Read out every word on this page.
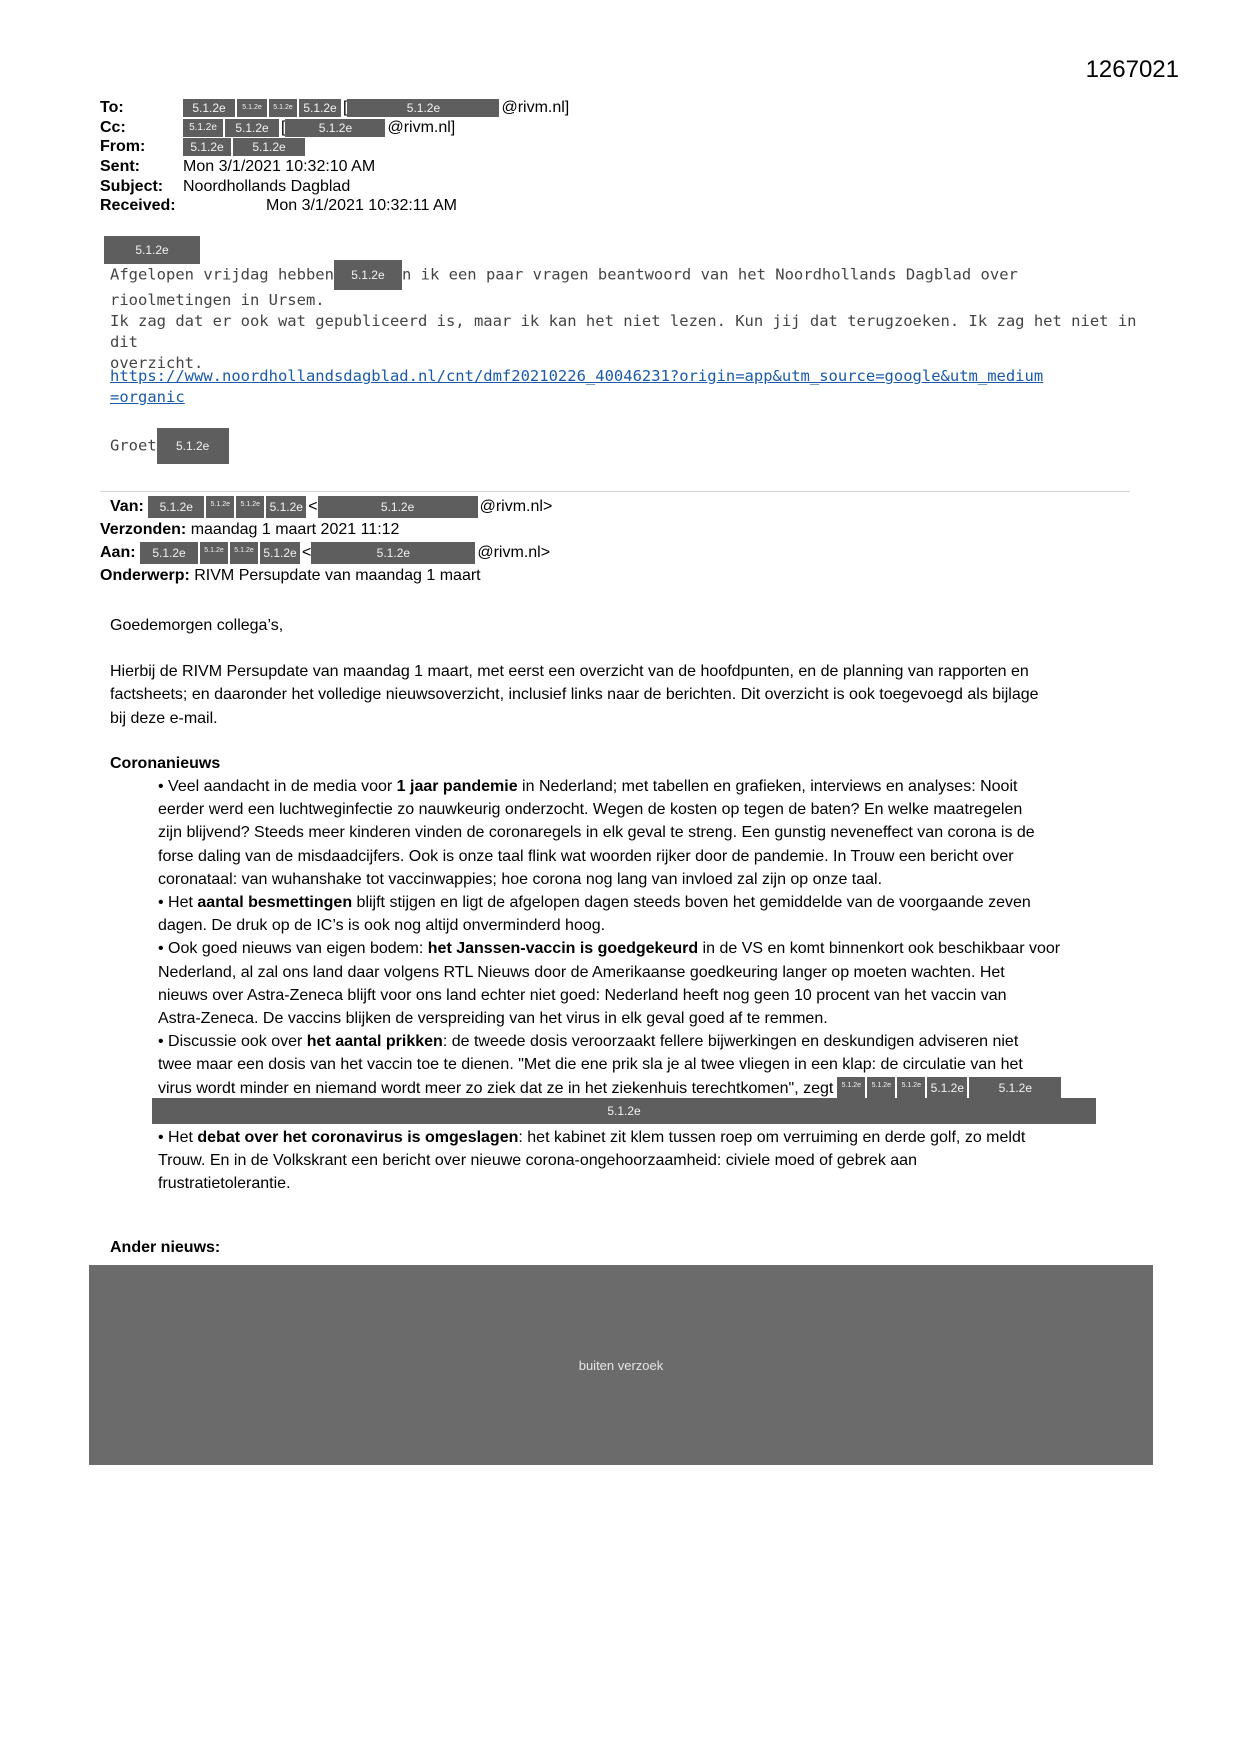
1267021
To:	5.1.2e 5.1.2e 5.1.2e 5.1.2e [	5.1.2e	@rivm.nl]
Cc:	5.1.2e 5.1.2e [	5.1.2e @rivm.nl]
From:	5.1.2e 5.1.2e
Sent:	Mon 3/1/2021 10:32:10 AM
Subject: Noordhollands Dagblad
Received:	Mon 3/1/2021 10:32:11 AM
5.1.2e
Afgelopen vrijdag hebben 5.1.2e n ik een paar vragen beantwoord van het Noordhollands Dagblad over
rioolmetingen in Ursem.
Ik zag dat er ook wat gepubliceerd is, maar ik kan het niet lezen. Kun jij dat terugzoeken. Ik zag het niet in dit
overzicht.
https://www.noordhollandsdagblad.nl/cnt/dmf20210226_40046231?origin=app&utm_source=google&utm_medium
=organic
Groet 5.1.2e
Van: 5.1.2e	5.1.2e 5.1.2e 5.1.2e <	5.1.2e	@rivm.nl>
Verzonden: maandag 1 maart 2021 11:12
Aan: 5.1.2e	5.1.2e 5.1.2e 5.1.2e <	5.1.2e	@rivm.nl>
Onderwerp: RIVM Persupdate van maandag 1 maart
Goedemorgen collega’s,

Hierbij de RIVM Persupdate van maandag 1 maart, met eerst een overzicht van de hoofdpunten, en de planning van rapporten en

factsheets; en daaronder het volledige nieuwsoverzicht, inclusief links naar de berichten. Dit overzicht is ook toegevoegd als bijlage

bij deze e-mail.

Coronanieuws
• Veel aandacht in de media voor 1 jaar pandemie in Nederland; met tabellen en grafieken, interviews en analyses: Nooit
eerder werd een luchtweginfectie zo nauwkeurig onderzocht. Wegen de kosten op tegen de baten? En welke maatregelen
zijn blijvend? Steeds meer kinderen vinden de coronaregels in elk geval te streng. Een gunstig neveneffect van corona is de
forse daling van de misdaadcijfers. Ook is onze taal flink wat woorden rijker door de pandemie. In Trouw een bericht over
coronataal: van wuhanshake tot vaccinwappies; hoe corona nog lang van invloed zal zijn op onze taal.
• Het aantal besmettingen blijft stijgen en ligt de afgelopen dagen steeds boven het gemiddelde van de voorgaande zeven
dagen. De druk op de IC’s is ook nog altijd onverminderd hoog.
• Ook goed nieuws van eigen bodem: het Janssen-vaccin is goedgekeurd in de VS en komt binnenkort ook beschikbaar voor
Nederland, al zal ons land daar volgens RTL Nieuws door de Amerikaanse goedkeuring langer op moeten wachten. Het
nieuws over Astra-Zeneca blijft voor ons land echter niet goed: Nederland heeft nog geen 10 procent van het vaccin van
Astra-Zeneca. De vaccins blijken de verspreiding van het virus in elk geval goed af te remmen.
• Discussie ook over het aantal prikken: de tweede dosis veroorzaakt fellere bijwerkingen en deskundigen adviseren niet
twee maar een dosis van het vaccin toe te dienen. "Met die ene prik sla je al twee vliegen in een klap: de circulatie van het
virus wordt minder en niemand wordt meer zo ziek dat ze in het ziekenhuis terechtkomen", zegt 5.1.2e 5.1.2e 5.1.2e 5.1.2e	5.1.2e
• Het debat over het coronavirus is omgeslagen: het kabinet zit klem tussen roep om verruiming en derde golf, zo meldt
Trouw. En in de Volkskrant een bericht over nieuwe corona-ongehoorzaamheid: civiele moed of gebrek aan
frustratietolerantie.
5.1.2e
Ander nieuws:
buiten verzoek
